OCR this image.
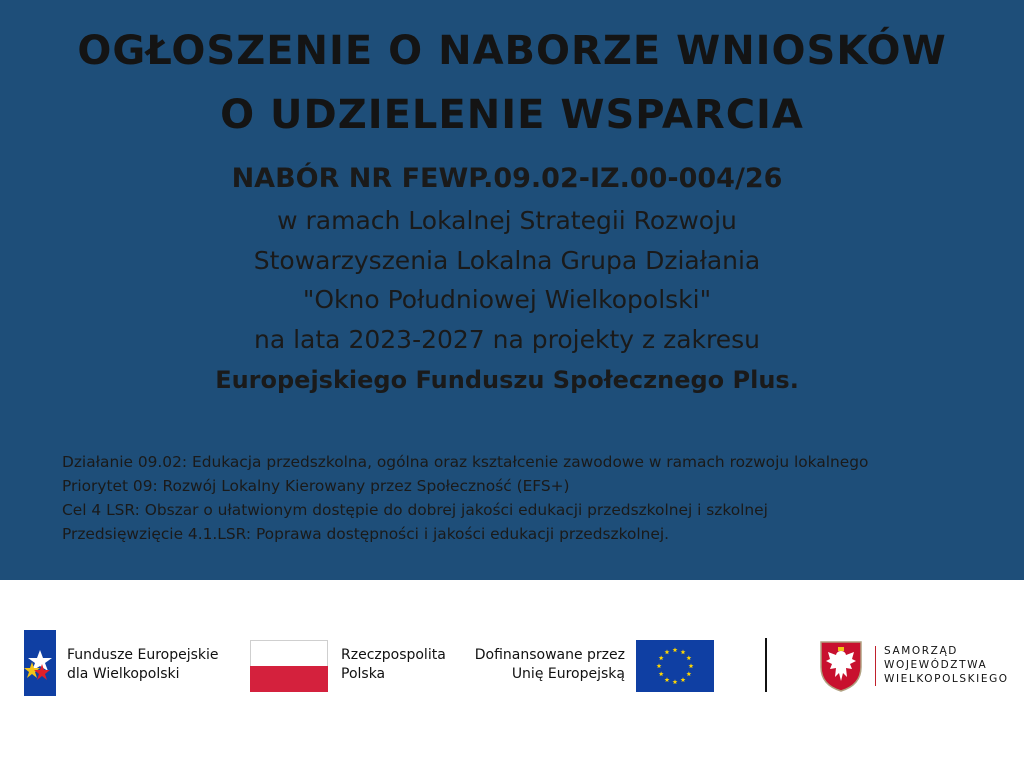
OGŁOSZENIE O NABORZE WNIOSKÓW
O UDZIELENIE WSPARCIA
NABÓR NR FEWP.09.02-IZ.00-004/26
w ramach Lokalnej Strategii Rozwoju
Stowarzyszenia Lokalna Grupa Działania
"Okno Południowej Wielkopolski"
na lata 2023-2027 na projekty z zakresu
Europejskiego Funduszu Społecznego Plus.
Działanie 09.02: Edukacja przedszkolna, ogólna oraz kształcenie zawodowe w ramach rozwoju lokalnego
Priorytet 09: Rozwój Lokalny Kierowany przez Społeczność (EFS+)
Cel 4 LSR: Obszar o ułatwionym dostępie do dobrej jakości edukacji przedszkolnej i szkolnej
Przedsięwzięcie 4.1.LSR: Poprawa dostępności i jakości edukacji przedszkolnej.
Fundusze Europejskie
dla Wielkopolski
Rzeczpospolita
Polska
Dofinansowane przez
Unię Europejską
SAMORZĄD
WOJEWÓDZTWA
WIELKOPOLSKIEGO
